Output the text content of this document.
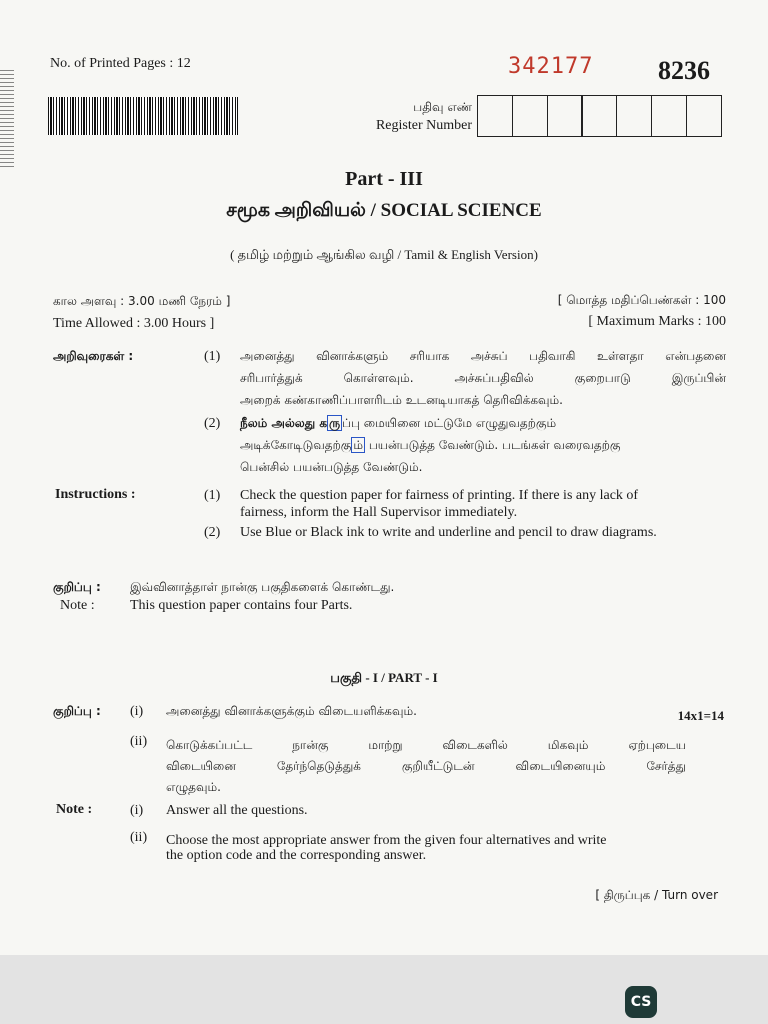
No. of Printed Pages : 12	342177 8236
பதிவு எண்
Register Number
Part - III
சமூக அறிவியல் / SOCIAL SCIENCE
( தமிழ் மற்றும் ஆங்கில வழி / Tamil & English Version)
கால அளவு : 3.00 மணி நேரம் ]
Time Allowed : 3.00 Hours ]
[ மொத்த மதிப்பெண்கள் : 100
[ Maximum Marks : 100
அறிவுரைகள் :	(1) அனைத்து வினாக்களும் சரியாக அச்சுப் பதிவாகி உள்ளதா என்பதனை
சரிபார்த்துக் கொள்ளவும். அச்சுப்பதிவில் குறைபாடு இருப்பின்
அறைக் கண்காணிப்பாளரிடம் உடனடியாகத் தெரிவிக்கவும்.
(2) நீலம் அல்லது க ரு ப்பு மையினை மட்டுமே எழுதுவதற்கும்
அடிக்கோடிடுவதற்கு ம் பயன்படுத்த வேண்டும். படங்கள் வரைவதற்கு
பென்சில் பயன்படுத்த வேண்டும்.
Instructions :	(1) Check the question paper for fairness of printing. If there is any lack of
fairness, inform the Hall Supervisor immediately.
(2) Use Blue or Black ink to write and underline and pencil to draw diagrams.
குறிப்பு : இவ்வினாத்தாள் நான்கு பகுதிகளைக் கொண்டது.
Note :	This question paper contains four Parts.
பகுதி - I / PART - I
குறிப்பு : (i) அனைத்து வினாக்களுக்கும் விடையளிக்கவும்.	14x1=14
(ii) கொடுக்கப்பட்ட நான்கு மாற்று விடைகளில் மிகவும் ஏற்புடைய
விடையினை தேர்ந்தெடுத்துக் குறியீட்டுடன் விடையினையும் சேர்த்து
எழுதவும்.
Note :	(i) Answer all the questions.
(ii) Choose the most appropriate answer from the given four alternatives and write
the option code and the corresponding answer.
[ திருப்புக / Turn over
CS
